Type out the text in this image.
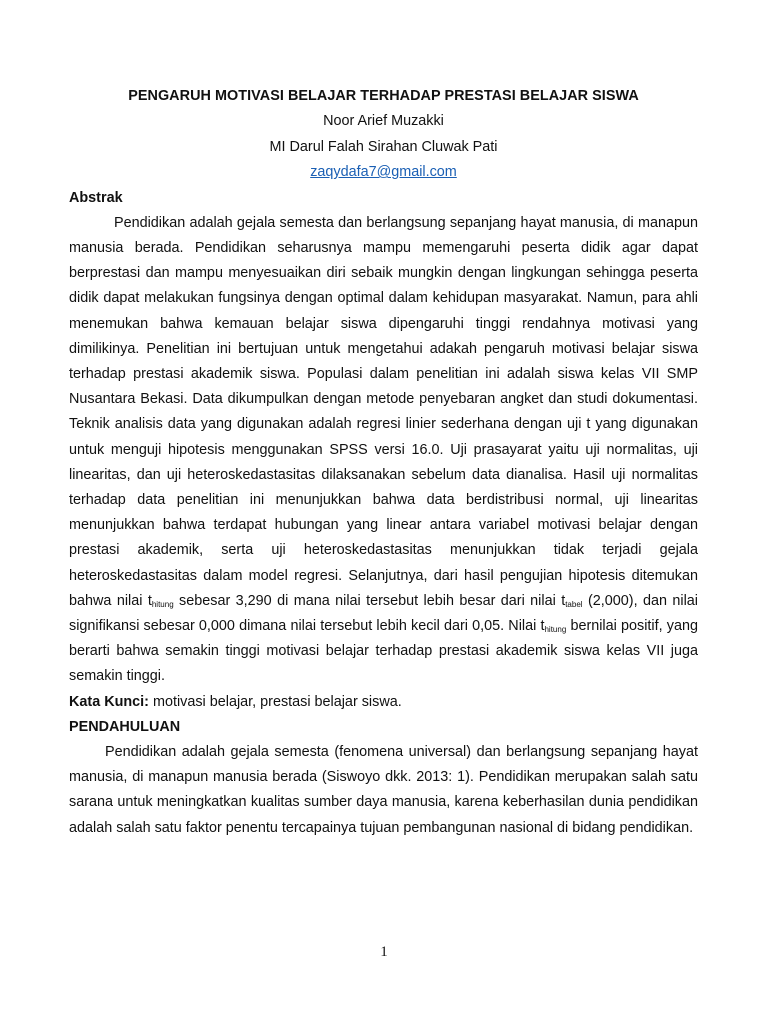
PENGARUH MOTIVASI BELAJAR TERHADAP PRESTASI BELAJAR SISWA

Noor Arief Muzakki

MI Darul Falah Sirahan Cluwak Pati

zaqydafa7@gmail.com

Abstrak

Pendidikan adalah gejala semesta dan berlangsung sepanjang hayat manusia, di manapun manusia berada. Pendidikan seharusnya mampu memengaruhi peserta didik agar dapat berprestasi dan mampu menyesuaikan diri sebaik mungkin dengan lingkungan sehingga peserta didik dapat melakukan fungsinya dengan optimal dalam kehidupan masyarakat. Namun, para ahli menemukan bahwa kemauan belajar siswa dipengaruhi tinggi rendahnya motivasi yang dimilikinya. Penelitian ini bertujuan untuk mengetahui adakah pengaruh motivasi belajar siswa terhadap prestasi akademik siswa. Populasi dalam penelitian ini adalah siswa kelas VII SMP Nusantara Bekasi. Data dikumpulkan dengan metode penyebaran angket dan studi dokumentasi. Teknik analisis data yang digunakan adalah regresi linier sederhana dengan uji t yang digunakan untuk menguji hipotesis menggunakan SPSS versi 16.0. Uji prasayarat yaitu uji normalitas, uji linearitas, dan uji heteroskedastasitas dilaksanakan sebelum data dianalisa. Hasil uji normalitas terhadap data penelitian ini menunjukkan bahwa data berdistribusi normal, uji linearitas menunjukkan bahwa terdapat hubungan yang linear antara variabel motivasi belajar dengan prestasi akademik, serta uji heteroskedastasitas menunjukkan tidak terjadi gejala heteroskedastasitas dalam model regresi. Selanjutnya, dari hasil pengujian hipotesis ditemukan bahwa nilai $t_{hitung}$ sebesar 3,290 di mana nilai tersebut lebih besar dari nilai $t_{tabel}$ (2,000), dan nilai signifikansi sebesar 0,000 dimana nilai tersebut lebih kecil dari 0,05. Nilai $t_{hitung}$ bernilai positif, yang berarti bahwa semakin tinggi motivasi belajar terhadap prestasi akademik siswa kelas VII juga semakin tinggi.

Kata Kunci: motivasi belajar, prestasi belajar siswa.

PENDAHULUAN

Pendidikan adalah gejala semesta (fenomena universal) dan berlangsung sepanjang hayat manusia, di manapun manusia berada (Siswoyo dkk. 2013: 1). Pendidikan merupakan salah satu sarana untuk meningkatkan kualitas sumber daya manusia, karena keberhasilan dunia pendidikan adalah salah satu faktor penentu tercapainya tujuan pembangunan nasional di bidang pendidikan.

1
